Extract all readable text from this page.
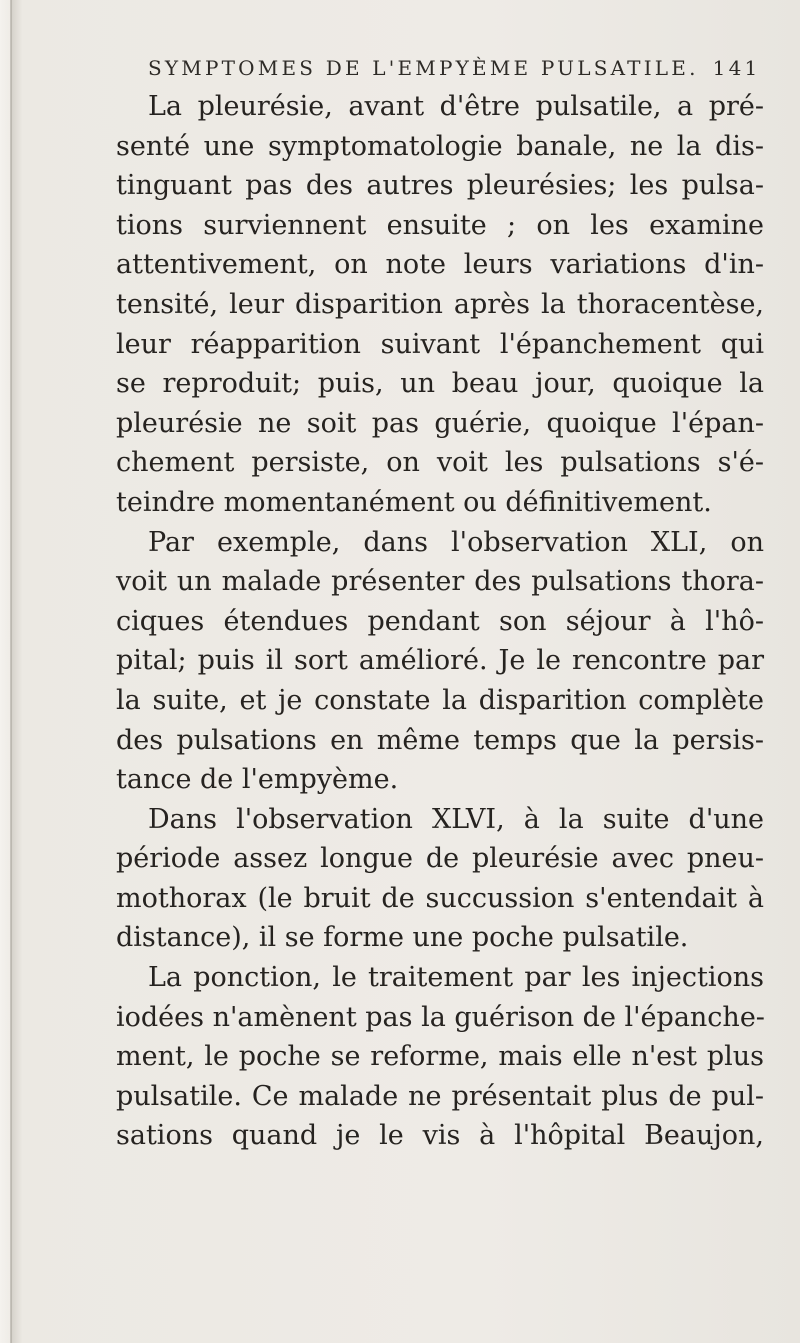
SYMPTOMES DE L'EMPYÈME PULSATILE. 141
La pleurésie, avant d'être pulsatile, a pré-
senté une symptomatologie banale, ne la dis-
tinguant pas des autres pleurésies; les pulsa-
tions surviennent ensuite ; on les examine
attentivement, on note leurs variations d'in-
tensité, leur disparition après la thoracentèse,
leur réapparition suivant l'épanchement qui
se reproduit; puis, un beau jour, quoique la
pleurésie ne soit pas guérie, quoique l'épan-
chement persiste, on voit les pulsations s'é-
teindre momentanément ou définitivement.
Par exemple, dans l'observation XLI, on
voit un malade présenter des pulsations thora-
ciques étendues pendant son séjour à l'hô-
pital; puis il sort amélioré. Je le rencontre par
la suite, et je constate la disparition complète
des pulsations en même temps que la persis-
tance de l'empyème.
Dans l'observation XLVI, à la suite d'une
période assez longue de pleurésie avec pneu-
mothorax (le bruit de succussion s'entendait à
distance), il se forme une poche pulsatile.
La ponction, le traitement par les injections
iodées n'amènent pas la guérison de l'épanche-
ment, le poche se reforme, mais elle n'est plus
pulsatile. Ce malade ne présentait plus de pul-
sations quand je le vis à l'hôpital Beaujon,
